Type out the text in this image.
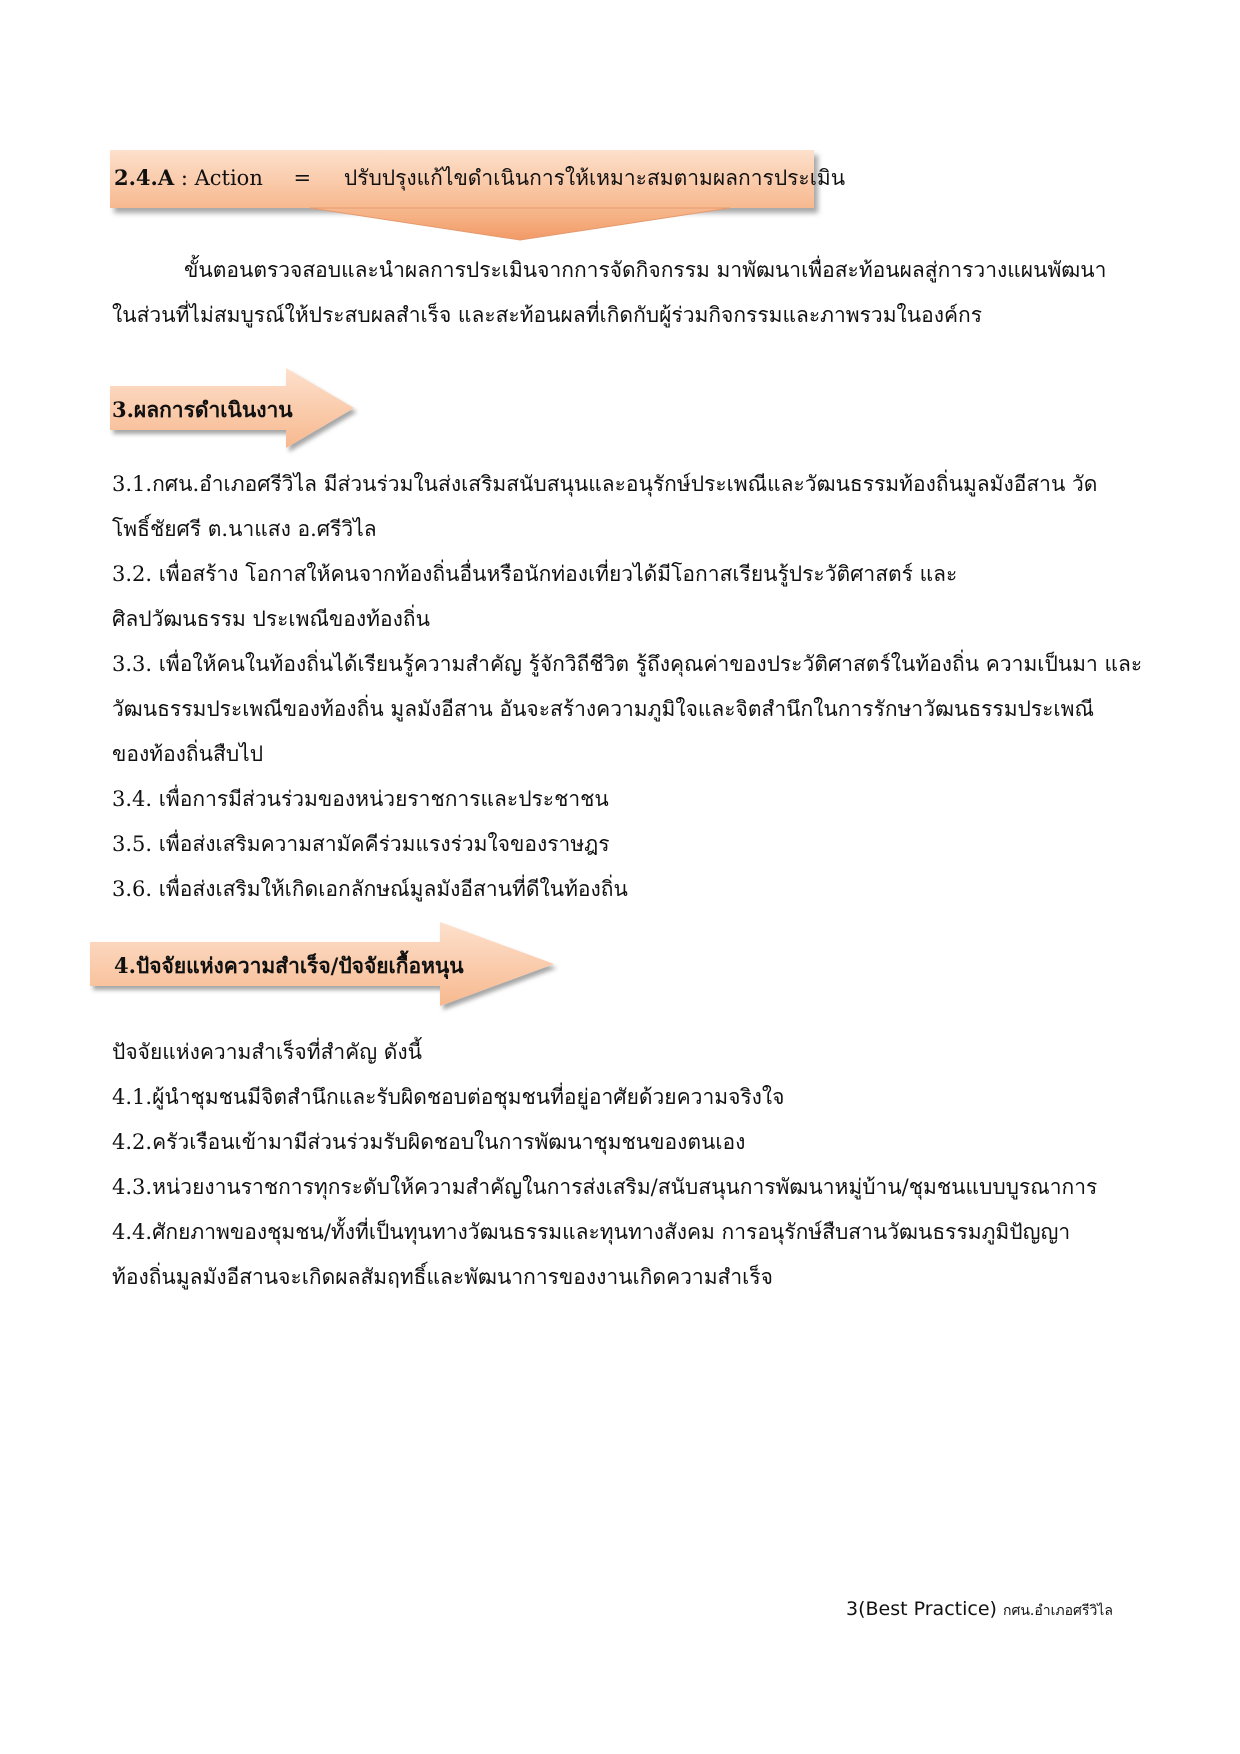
2.4.A : Action = ปรับปรุงแก้ไขดำเนินการให้เหมาะสมตามผลการประเมิน

ขั้นตอนตรวจสอบและนำผลการประเมินจากการจัดกิจกรรม มาพัฒนาเพื่อสะท้อนผลสู่การวางแผนพัฒนา
ในส่วนที่ไม่สมบูรณ์ให้ประสบผลสำเร็จ และสะท้อนผลที่เกิดกับผู้ร่วมกิจกรรมและภาพรวมในองค์กร

3.ผลการดำเนินงาน

3.1.กศน.อำเภอศรีวิไล มีส่วนร่วมในส่งเสริมสนับสนุนและอนุรักษ์ประเพณีและวัฒนธรรมท้องถิ่นมูลมังอีสาน วัด
โพธิ์ชัยศรี ต.นาแสง อ.ศรีวิไล
3.2. เพื่อสร้าง โอกาสให้คนจากท้องถิ่นอื่นหรือนักท่องเที่ยวได้มีโอกาสเรียนรู้ประวัติศาสตร์ และ
ศิลปวัฒนธรรม ประเพณีของท้องถิ่น
3.3. เพื่อให้คนในท้องถิ่นได้เรียนรู้ความสำคัญ รู้จักวิถีชีวิต รู้ถึงคุณค่าของประวัติศาสตร์ในท้องถิ่น ความเป็นมา และ
วัฒนธรรมประเพณีของท้องถิ่น มูลมังอีสาน อันจะสร้างความภูมิใจและจิตสำนึกในการรักษาวัฒนธรรมประเพณี
ของท้องถิ่นสืบไป
3.4. เพื่อการมีส่วนร่วมของหน่วยราชการและประชาชน
3.5. เพื่อส่งเสริมความสามัคคีร่วมแรงร่วมใจของราษฎร
3.6. เพื่อส่งเสริมให้เกิดเอกลักษณ์มูลมังอีสานที่ดีในท้องถิ่น

4.ปัจจัยแห่งความสำเร็จ/ปัจจัยเกื้อหนุน

ปัจจัยแห่งความสำเร็จที่สำคัญ ดังนี้
4.1.ผู้นำชุมชนมีจิตสำนึกและรับผิดชอบต่อชุมชนที่อยู่อาศัยด้วยความจริงใจ
4.2.ครัวเรือนเข้ามามีส่วนร่วมรับผิดชอบในการพัฒนาชุมชนของตนเอง
4.3.หน่วยงานราชการทุกระดับให้ความสำคัญในการส่งเสริม/สนับสนุนการพัฒนาหมู่บ้าน/ชุมชนแบบบูรณาการ
4.4.ศักยภาพของชุมชน/ทั้งที่เป็นทุนทางวัฒนธรรมและทุนทางสังคม การอนุรักษ์สืบสานวัฒนธรรมภูมิปัญญา
ท้องถิ่นมูลมังอีสานจะเกิดผลสัมฤทธิ์และพัฒนาการของงานเกิดความสำเร็จ

3(Best Practice) กศน.อำเภอศรีวิไล
